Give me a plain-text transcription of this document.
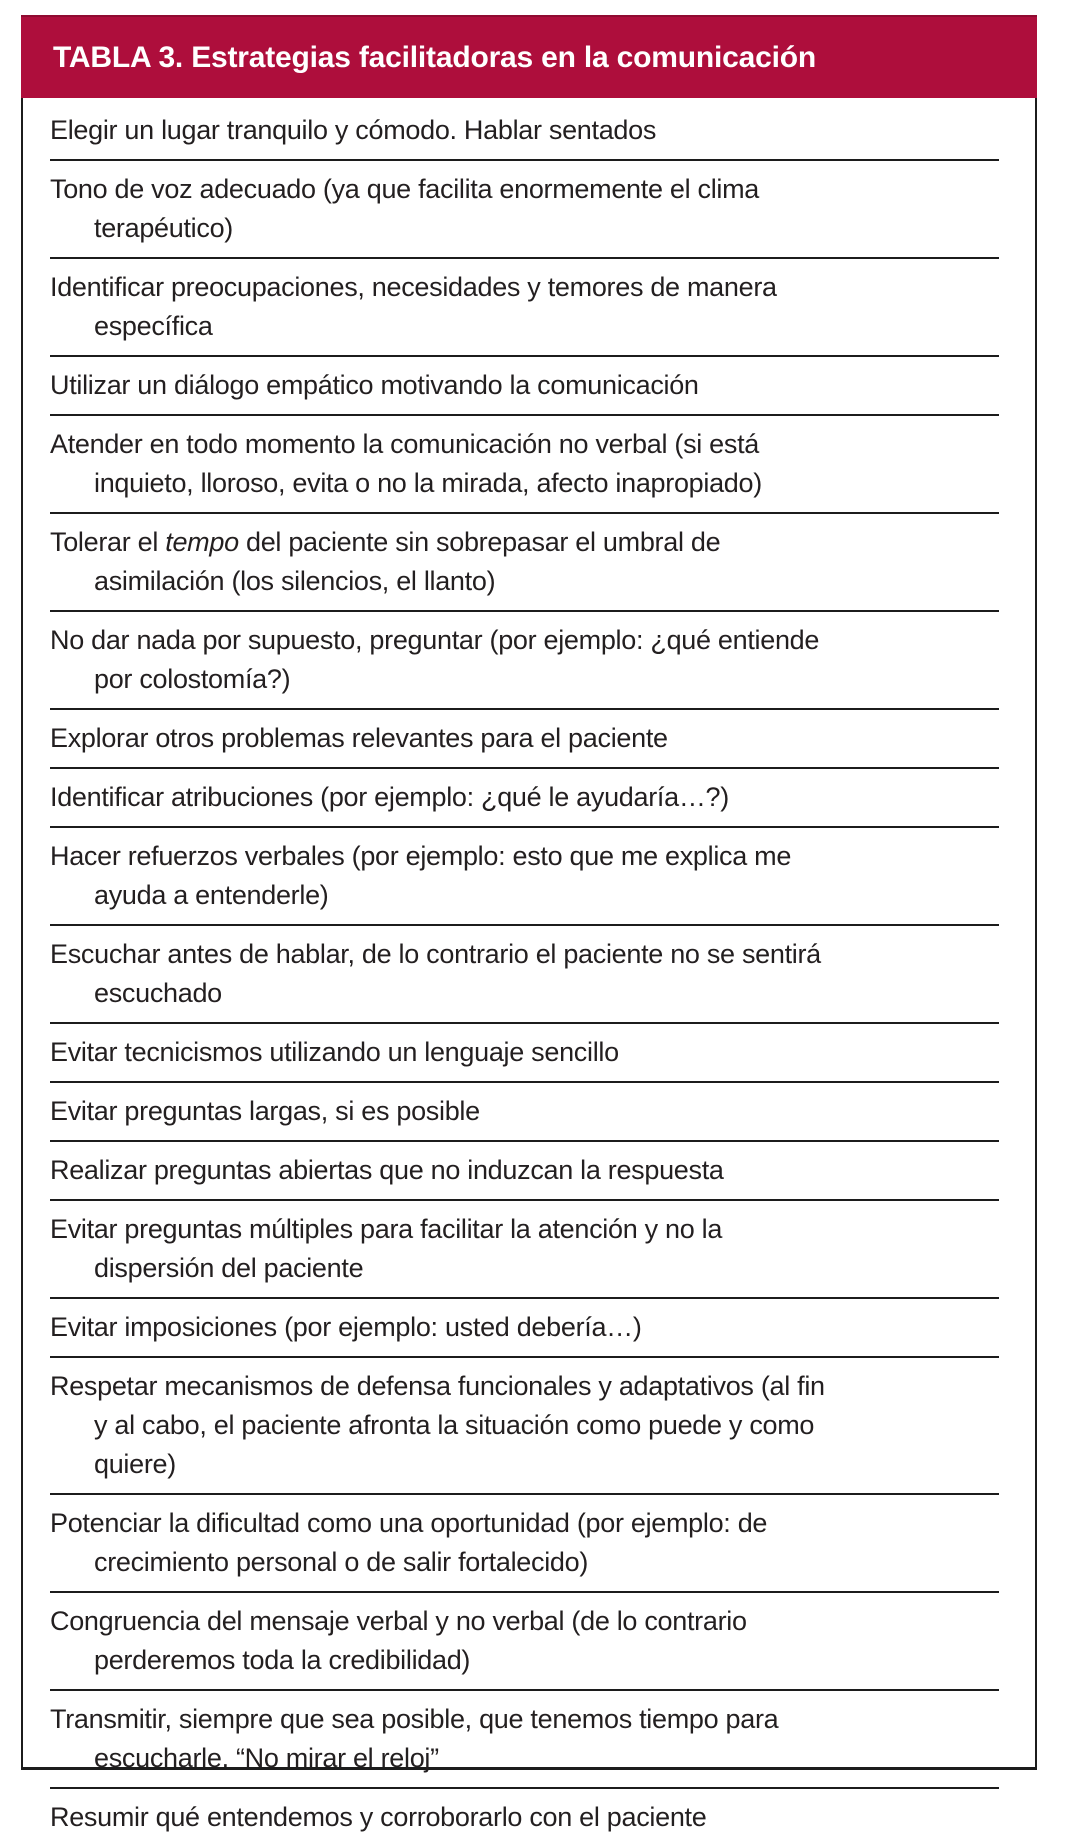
TABLA 3. Estrategias facilitadoras en la comunicación

Elegir un lugar tranquilo y cómodo. Hablar sentados

Tono de voz adecuado (ya que facilita enormemente el clima
terapéutico)

Identificar preocupaciones, necesidades y temores de manera
específica

Utilizar un diálogo empático motivando la comunicación

Atender en todo momento la comunicación no verbal (si está
inquieto, lloroso, evita o no la mirada, afecto inapropiado)

Tolerar el tempo del paciente sin sobrepasar el umbral de
asimilación (los silencios, el llanto)

No dar nada por supuesto, preguntar (por ejemplo: ¿qué entiende
por colostomía?)

Explorar otros problemas relevantes para el paciente

Identificar atribuciones (por ejemplo: ¿qué le ayudaría…?)

Hacer refuerzos verbales (por ejemplo: esto que me explica me
ayuda a entenderle)

Escuchar antes de hablar, de lo contrario el paciente no se sentirá
escuchado

Evitar tecnicismos utilizando un lenguaje sencillo

Evitar preguntas largas, si es posible

Realizar preguntas abiertas que no induzcan la respuesta

Evitar preguntas múltiples para facilitar la atención y no la
dispersión del paciente

Evitar imposiciones (por ejemplo: usted debería…)

Respetar mecanismos de defensa funcionales y adaptativos (al fin
y al cabo, el paciente afronta la situación como puede y como
quiere)

Potenciar la dificultad como una oportunidad (por ejemplo: de
crecimiento personal o de salir fortalecido)

Congruencia del mensaje verbal y no verbal (de lo contrario
perderemos toda la credibilidad)

Transmitir, siempre que sea posible, que tenemos tiempo para
escucharle. “No mirar el reloj”

Resumir qué entendemos y corroborarlo con el paciente
